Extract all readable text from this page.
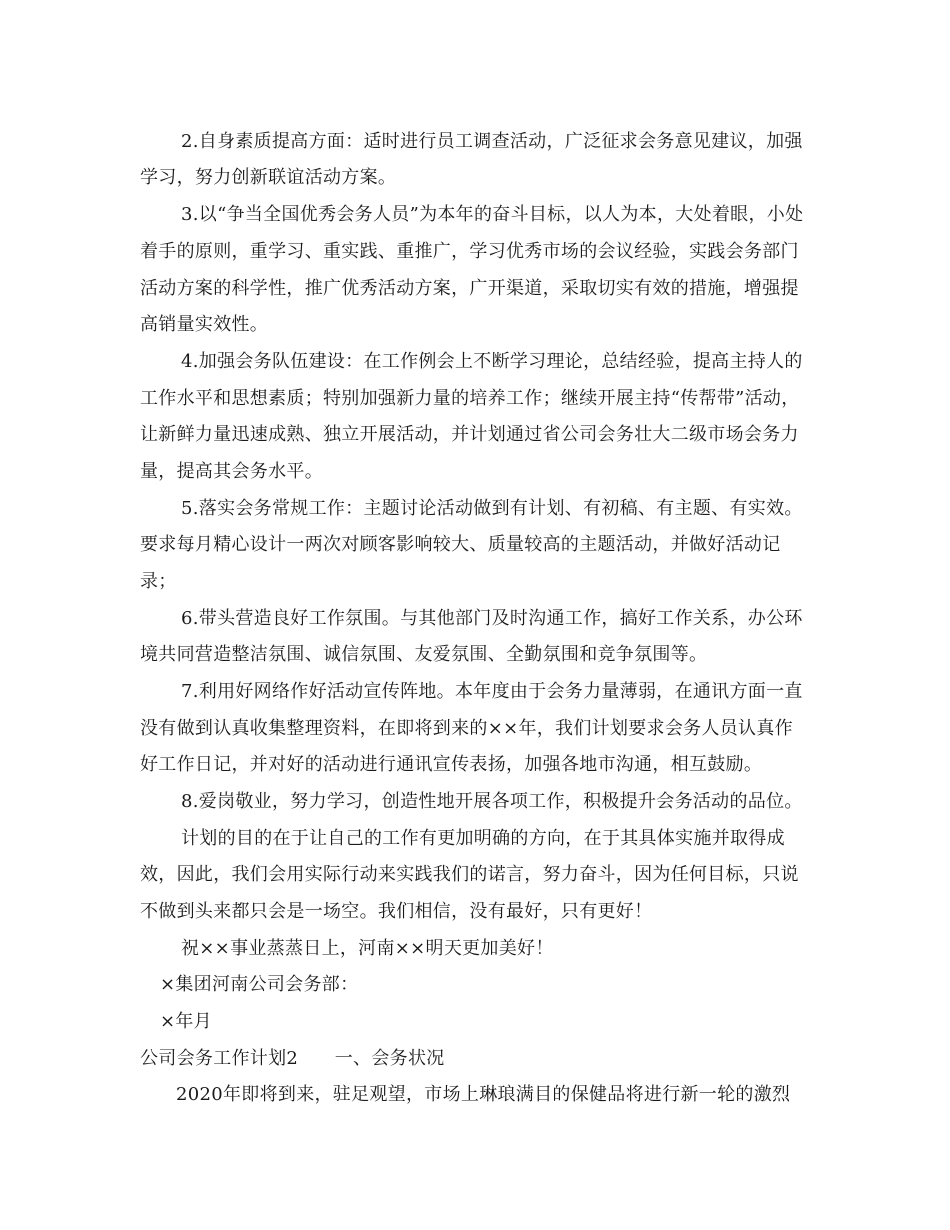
2.自身素质提高方面：适时进行员工调查活动，广泛征求会务意见建议，加强
学习，努力创新联谊活动方案。
3.以“争当全国优秀会务人员”为本年的奋斗目标，以人为本，大处着眼，小处
着手的原则，重学习、重实践、重推广，学习优秀市场的会议经验，实践会务部门
活动方案的科学性，推广优秀活动方案，广开渠道，采取切实有效的措施，增强提
高销量实效性。
4.加强会务队伍建设：在工作例会上不断学习理论，总结经验，提高主持人的
工作水平和思想素质；特别加强新力量的培养工作；继续开展主持“传帮带”活动，
让新鲜力量迅速成熟、独立开展活动，并计划通过省公司会务壮大二级市场会务力
量，提高其会务水平。
5.落实会务常规工作：主题讨论活动做到有计划、有初稿、有主题、有实效。
要求每月精心设计一两次对顾客影响较大、质量较高的主题活动，并做好活动记
录；
6.带头营造良好工作氛围。与其他部门及时沟通工作，搞好工作关系，办公环
境共同营造整洁氛围、诚信氛围、友爱氛围、全勤氛围和竞争氛围等。
7.利用好网络作好活动宣传阵地。本年度由于会务力量薄弱，在通讯方面一直
没有做到认真收集整理资料，在即将到来的××年，我们计划要求会务人员认真作
好工作日记，并对好的活动进行通讯宣传表扬，加强各地市沟通，相互鼓励。
8.爱岗敬业，努力学习，创造性地开展各项工作，积极提升会务活动的品位。
计划的目的在于让自己的工作有更加明确的方向，在于其具体实施并取得成
效，因此，我们会用实际行动来实践我们的诺言，努力奋斗，因为任何目标，只说
不做到头来都只会是一场空。我们相信，没有最好，只有更好！
祝××事业蒸蒸日上，河南××明天更加美好！
×集团河南公司会务部：
×年月
公司会务工作计划2　　一、会务状况
2020年即将到来，驻足观望，市场上琳琅满目的保健品将进行新一轮的激烈
